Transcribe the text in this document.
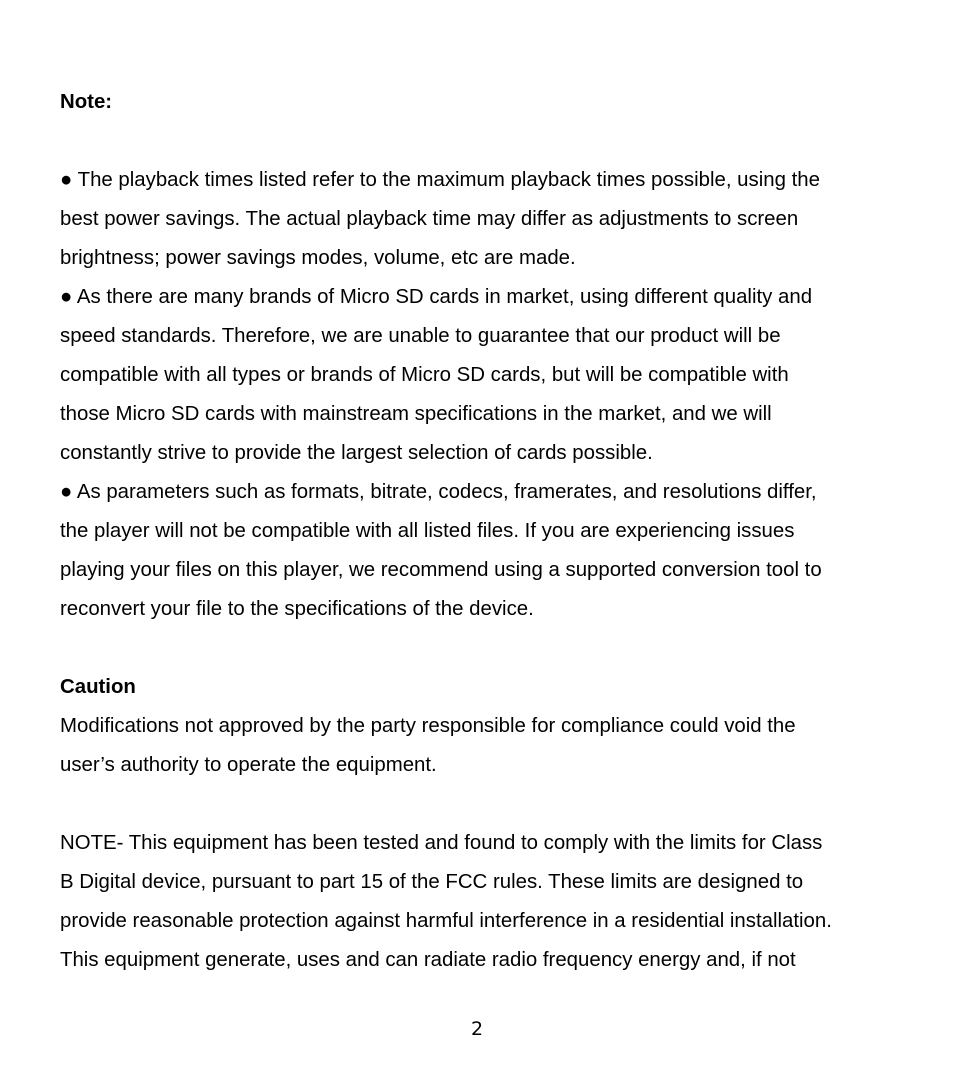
Note:
● The playback times listed refer to the maximum playback times possible, using the
best power savings. The actual playback time may differ as adjustments to screen
brightness; power savings modes, volume, etc are made.
● As there are many brands of Micro SD cards in market, using different quality and
speed standards. Therefore, we are unable to guarantee that our product will be
compatible with all types or brands of Micro SD cards, but will be compatible with
those Micro SD cards with mainstream specifications in the market, and we will
constantly strive to provide the largest selection of cards possible.
● As parameters such as formats, bitrate, codecs, framerates, and resolutions differ,
the player will not be compatible with all listed files. If you are experiencing issues
playing your files on this player, we recommend using a supported conversion tool to
reconvert your file to the specifications of the device.
Caution
Modifications not approved by the party responsible for compliance could void the
user’s authority to operate the equipment.
NOTE- This equipment has been tested and found to comply with the limits for Class
B Digital device, pursuant to part 15 of the FCC rules. These limits are designed to
provide reasonable protection against harmful interference in a residential installation.
This equipment generate, uses and can radiate radio frequency energy and, if not
2
